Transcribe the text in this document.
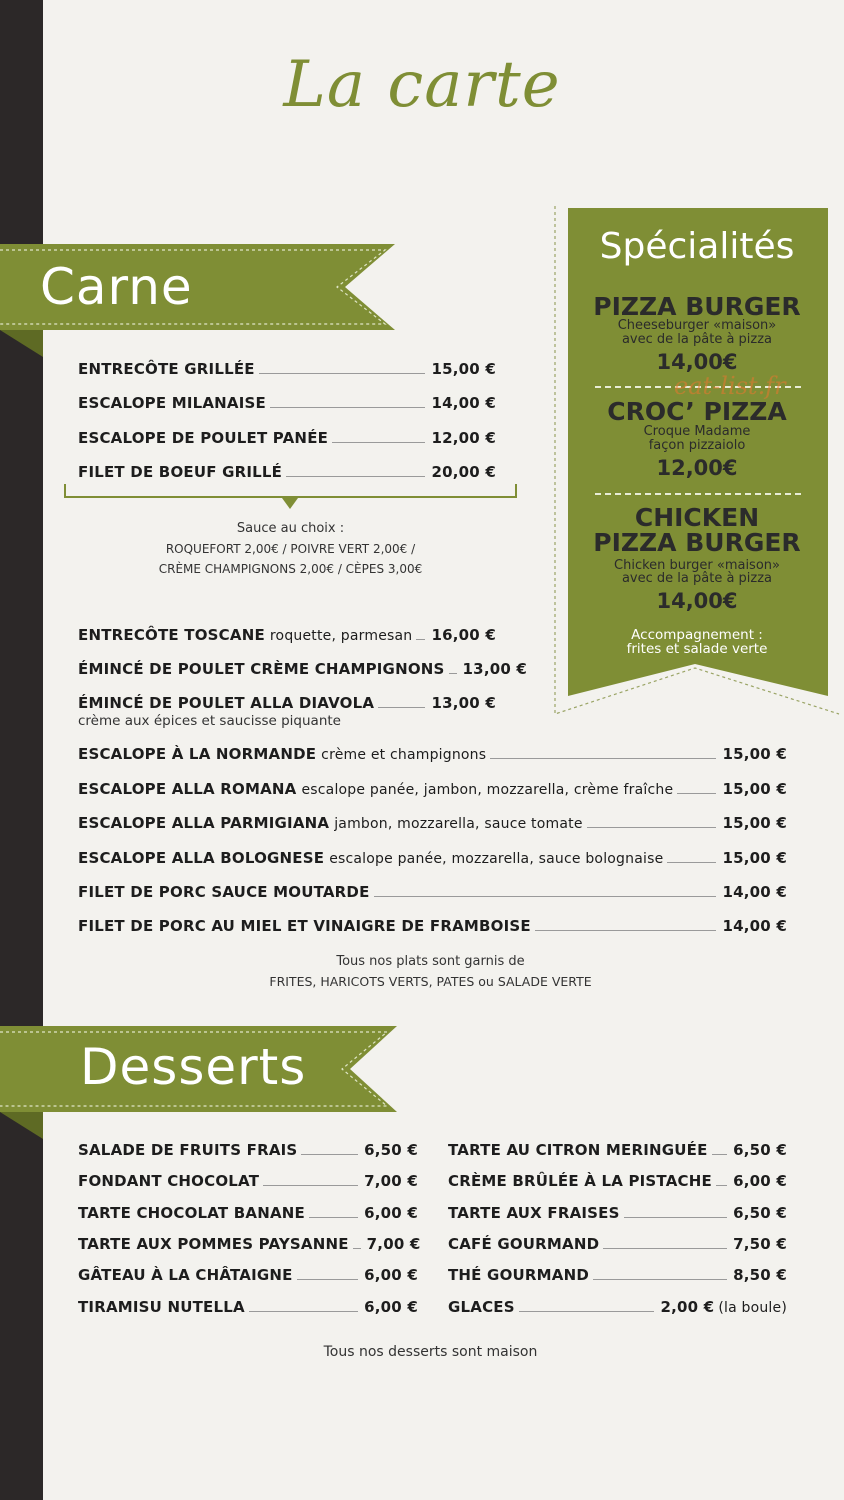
La carte
Carne
ENTRECÔTE GRILLÉE	15,00 €
ESCALOPE MILANAISE	14,00 €
ESCALOPE DE POULET PANÉE	12,00 €
FILET DE BOEUF GRILLÉ	20,00 €
Sauce au choix :
ROQUEFORT 2,00€ / POIVRE VERT 2,00€ /
CRÈME CHAMPIGNONS 2,00€ / CÈPES 3,00€
ENTRECÔTE TOSCANE roquette, parmesan 16,00 €
ÉMINCÉ DE POULET CRÈME CHAMPIGNONS 13,00 €
ÉMINCÉ DE POULET ALLA DIAVOLA	13,00 €
crème aux épices et saucisse piquante
ESCALOPE À LA NORMANDE crème et champignons	15,00 €
ESCALOPE ALLA ROMANA escalope panée, jambon, mozzarella, crème fraîche	15,00 €
ESCALOPE ALLA PARMIGIANA jambon, mozzarella, sauce tomate	15,00 €
ESCALOPE ALLA BOLOGNESE escalope panée, mozzarella, sauce bolognaise	15,00 €
FILET DE PORC SAUCE MOUTARDE	14,00 €
FILET DE PORC AU MIEL ET VINAIGRE DE FRAMBOISE	14,00 €
Tous nos plats sont garnis de
FRITES, HARICOTS VERTS, PATES ou SALADE VERTE
Spécialités
PIZZA BURGER
Cheeseburger «maison»
avec de la pâte à pizza
14,00€
CROC’ PIZZA
Croque Madame
façon pizzaiolo
12,00€
CHICKEN
PIZZA BURGER
Chicken burger «maison»
avec de la pâte à pizza
14,00€
Accompagnement :
frites et salade verte
eat-list.fr
Desserts
SALADE DE FRUITS FRAIS	6,50 €
FONDANT CHOCOLAT	7,00 €
TARTE CHOCOLAT BANANE	6,00 €
TARTE AUX POMMES PAYSANNE 7,00 €
GÂTEAU À LA CHÂTAIGNE	6,00 €
TIRAMISU NUTELLA	6,00 €
TARTE AU CITRON MERINGUÉE 6,50 €
CRÈME BRÛLÉE À LA PISTACHE 6,00 €
TARTE AUX FRAISES	6,50 €
CAFÉ GOURMAND	7,50 €
THÉ GOURMAND	8,50 €
GLACES	2,00 € (la boule)
Tous nos desserts sont maison
